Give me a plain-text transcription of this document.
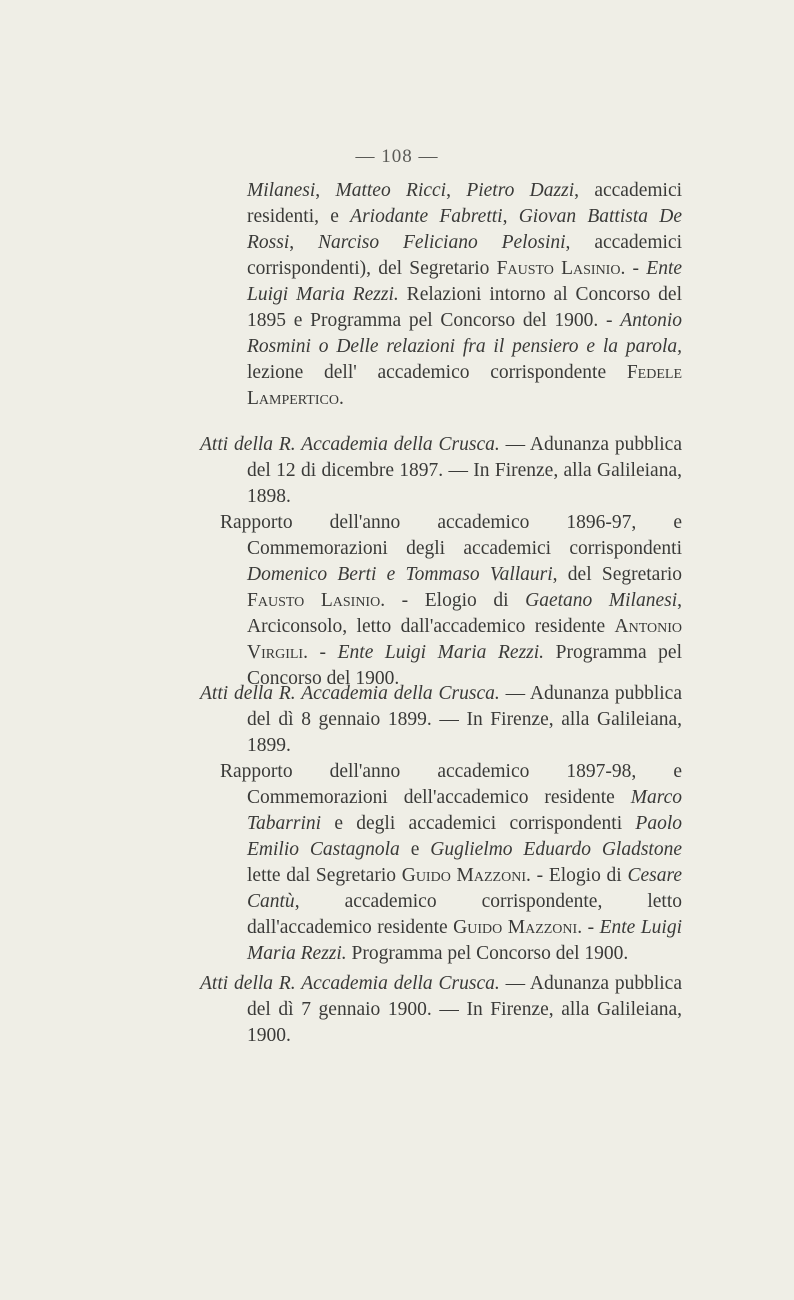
— 108 —

Milanesi, Matteo Ricci, Pietro Dazzi, accademici residenti, e Ariodante Fabretti, Giovan Battista De Rossi, Narciso Feliciano Pelosini, accademici corrispondenti), del Segretario Fausto Lasinio. - Ente Luigi Maria Rezzi. Relazioni intorno al Concorso del 1895 e Programma pel Concorso del 1900. - Antonio Rosmini o Delle relazioni fra il pensiero e la parola, lezione dell' accademico corrispondente Fedele Lampertico.

Atti della R. Accademia della Crusca. — Adunanza pubblica del 12 di dicembre 1897. — In Firenze, alla Galileiana, 1898.

Rapporto dell'anno accademico 1896-97, e Commemorazioni degli accademici corrispondenti Domenico Berti e Tommaso Vallauri, del Segretario Fausto Lasinio. - Elogio di Gaetano Milanesi, Arciconsolo, letto dall'accademico residente Antonio Virgili. - Ente Luigi Maria Rezzi. Programma pel Concorso del 1900.

Atti della R. Accademia della Crusca. — Adunanza pubblica del dì 8 gennaio 1899. — In Firenze, alla Galileiana, 1899.

Rapporto dell'anno accademico 1897-98, e Commemorazioni dell'accademico residente Marco Tabarrini e degli accademici corrispondenti Paolo Emilio Castagnola e Guglielmo Eduardo Gladstone lette dal Segretario Guido Mazzoni. - Elogio di Cesare Cantù, accademico corrispondente, letto dall'accademico residente Guido Mazzoni. - Ente Luigi Maria Rezzi. Programma pel Concorso del 1900.

Atti della R. Accademia della Crusca. — Adunanza pubblica del dì 7 gennaio 1900. — In Firenze, alla Galileiana, 1900.
